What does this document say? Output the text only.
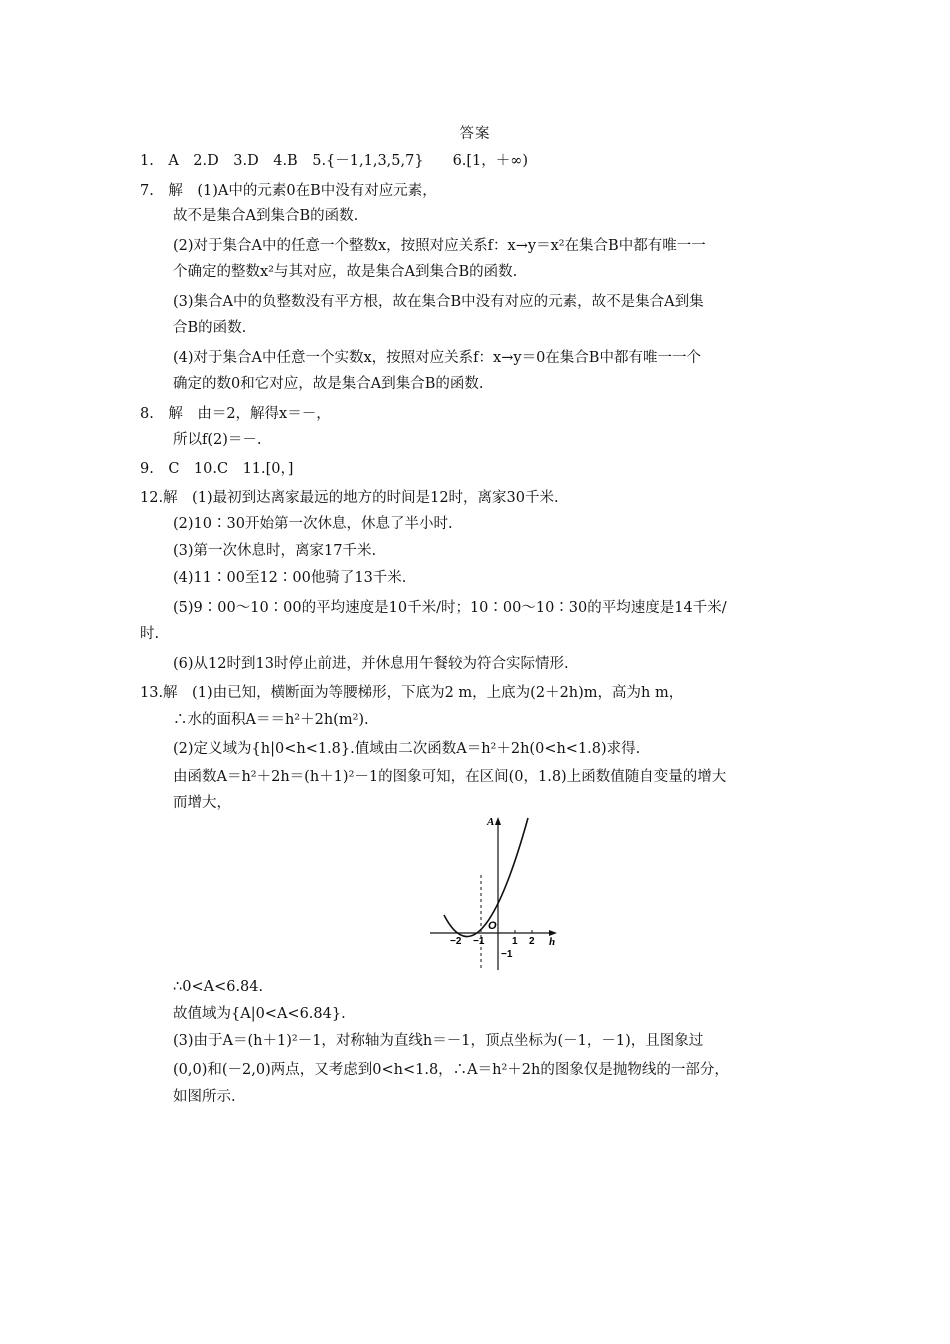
答案
1.　A　2.D　3.D　4.B　5.{－1,1,3,5,7}　　6.[1，＋∞)
7.　解　(1)A中的元素0在B中没有对应元素，
故不是集合A到集合B的函数.
(2)对于集合A中的任意一个整数x，按照对应关系f：x→y＝x²在集合B中都有唯一一
个确定的整数x²与其对应，故是集合A到集合B的函数.
(3)集合A中的负整数没有平方根，故在集合B中没有对应的元素，故不是集合A到集
合B的函数.
(4)对于集合A中任意一个实数x，按照对应关系f：x→y＝0在集合B中都有唯一一个
确定的数0和它对应，故是集合A到集合B的函数.
8.　解　由＝2，解得x＝－，
所以f(2)＝－.
9.　C　10.C　11.[0，]
12.解　(1)最初到达离家最远的地方的时间是12时，离家30千米.
(2)10∶30开始第一次休息，休息了半小时.
(3)第一次休息时，离家17千米.
(4)11∶00至12∶00他骑了13千米.
(5)9∶00～10∶00的平均速度是10千米/时；10∶00～10∶30的平均速度是14千米/
时.
(6)从12时到13时停止前进，并休息用午餐较为符合实际情形.
13.解　(1)由已知，横断面为等腰梯形，下底为2 m，上底为(2＋2h)m，高为h m，
∴水的面积A＝＝h²＋2h(m²).
(2)定义域为{h|0<h<1.8}.值域由二次函数A＝h²＋2h(0<h<1.8)求得.
由函数A＝h²＋2h＝(h＋1)²－1的图象可知，在区间(0，1.8)上函数值随自变量的增大
而增大，
A
h
O
−2 −1	1 2
−1
∴0<A<6.84.
故值域为{A|0<A<6.84}.
(3)由于A＝(h＋1)²－1，对称轴为直线h＝－1，顶点坐标为(－1，－1)，且图象过
(0,0)和(－2,0)两点，又考虑到0<h<1.8，∴A＝h²＋2h的图象仅是抛物线的一部分，
如图所示.
